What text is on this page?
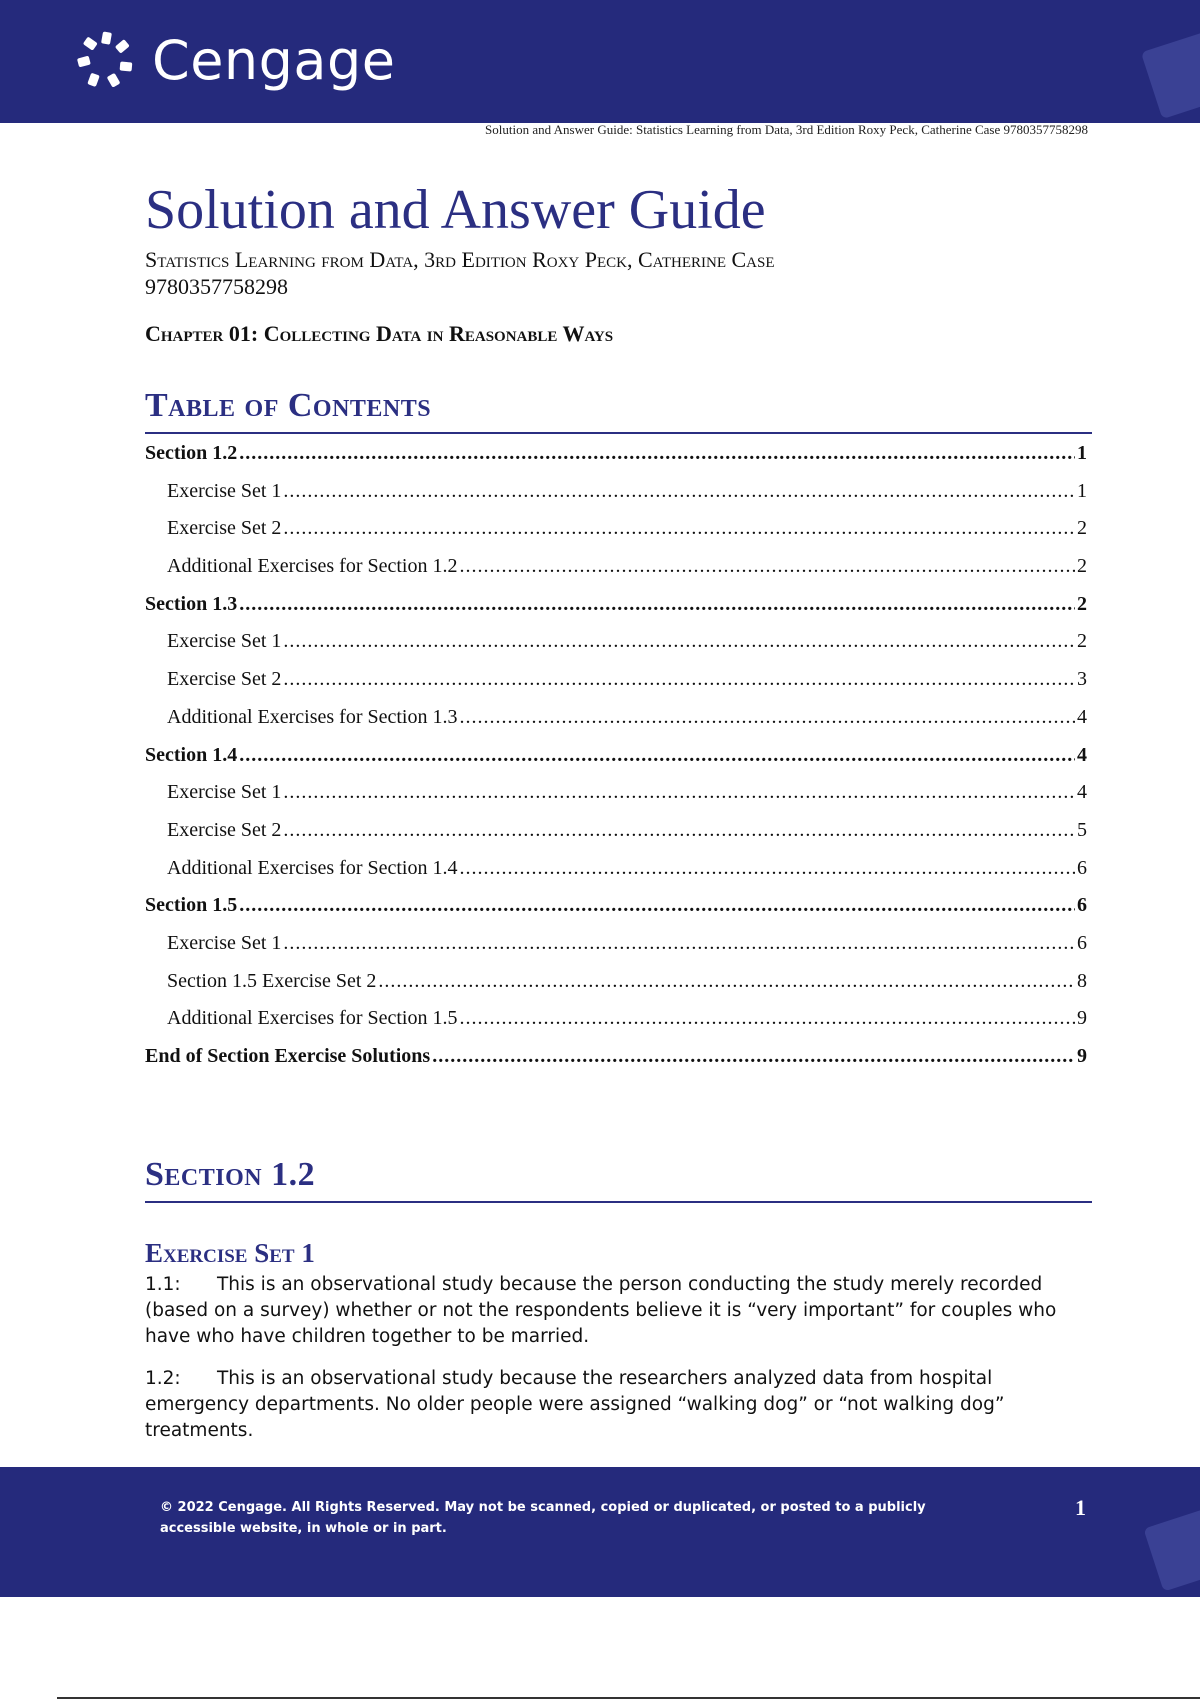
Cengage
Solution and Answer Guide: Statistics Learning from Data, 3rd Edition Roxy Peck, Catherine Case 9780357758298
Solution and Answer Guide
Statistics Learning from Data, 3rd Edition Roxy Peck, Catherine Case
9780357758298
Chapter 01: Collecting Data in Reasonable Ways
Table of Contents
Section 1.2 .....	1
Exercise Set 1 .....	1
Exercise Set 2 .....	2
Additional Exercises for Section 1.2 .....	2
Section 1.3 .....	2
Exercise Set 1 .....	2
Exercise Set 2 .....	3
Additional Exercises for Section 1.3 .....	4
Section 1.4 .....	4
Exercise Set 1 .....	4
Exercise Set 2 .....	5
Additional Exercises for Section 1.4 .....	6
Section 1.5 .....	6
Exercise Set 1 .....	6
Section 1.5 Exercise Set 2 .....	8
Additional Exercises for Section 1.5 .....	9
End of Section Exercise Solutions .....	9
Section 1.2
Exercise Set 1
1.1: This is an observational study because the person conducting the study merely recorded (based on a survey) whether or not the respondents believe it is “very important” for couples who have who have children together to be married.
1.2: This is an observational study because the researchers analyzed data from hospital emergency departments. No older people were assigned “walking dog” or “not walking dog” treatments.
© 2022 Cengage. All Rights Reserved. May not be scanned, copied or duplicated, or posted to a publicly accessible website, in whole or in part.
1
